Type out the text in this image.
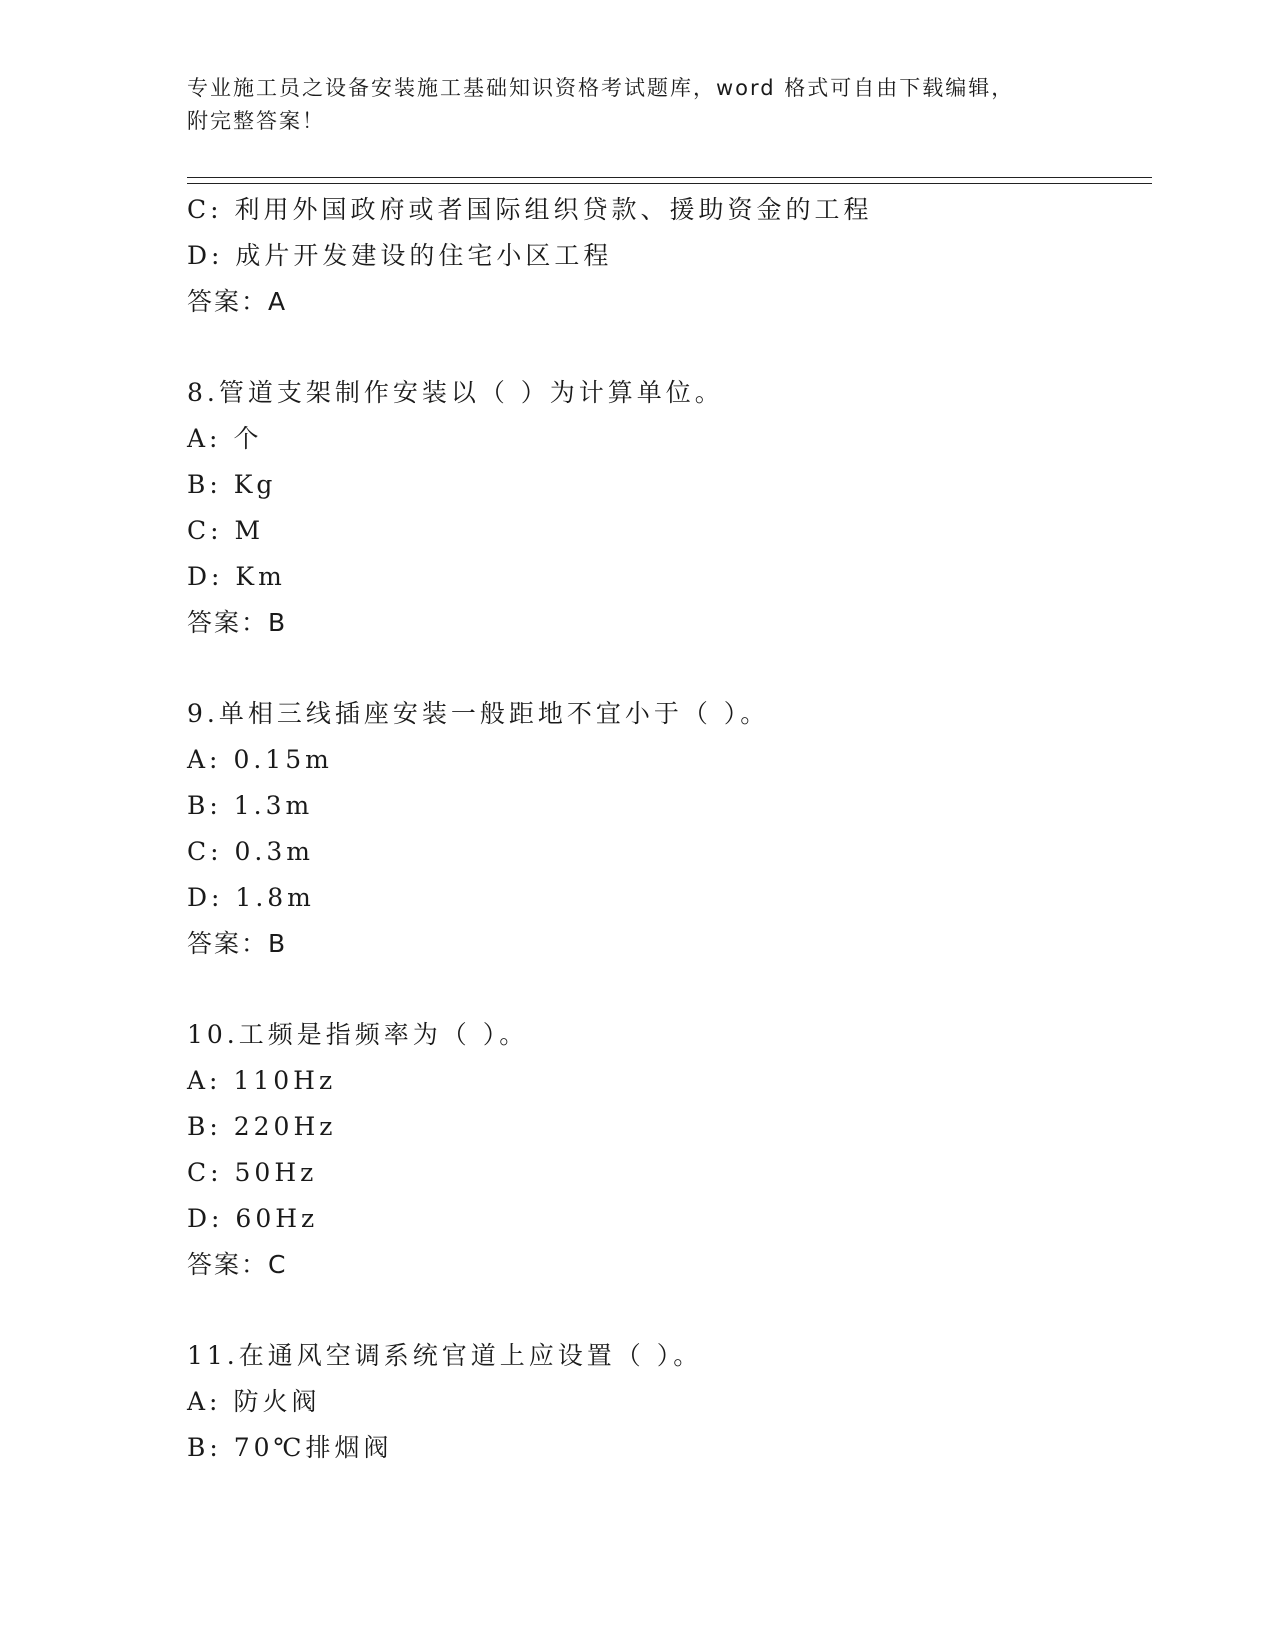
专业施工员之设备安装施工基础知识资格考试题库，word 格式可自由下载编辑，
附完整答案！
C: 利用外国政府或者国际组织贷款、援助资金的工程
D: 成片开发建设的住宅小区工程
答案：A
8.管道支架制作安装以（ ）为计算单位。
A: 个
B: Kg
C: M
D: Km
答案：B
9.单相三线插座安装一般距地不宜小于（ ）。
A: 0.15m
B: 1.3m
C: 0.3m
D: 1.8m
答案：B
10.工频是指频率为（ ）。
A: 110Hz
B: 220Hz
C: 50Hz
D: 60Hz
答案：C
11.在通风空调系统官道上应设置（ ）。
A: 防火阀
B: 70℃排烟阀
